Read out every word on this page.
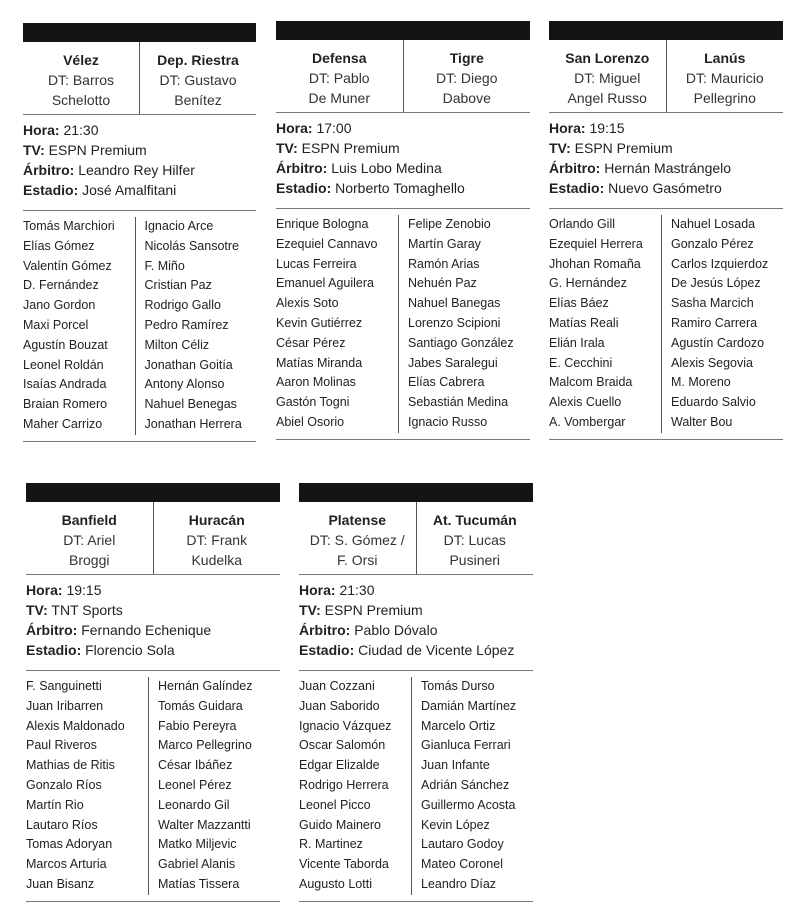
Vélez
DT: Barros
Schelotto
Dep. Riestra
DT: Gustavo
Benítez
Hora: 21:30
TV: ESPN Premium
Árbitro: Leandro Rey Hilfer
Estadio: José Amalfitani
Tomás Marchiori
Elías Gómez
Valentín Gómez
D. Fernández
Jano Gordon
Maxi Porcel
Agustín Bouzat
Leonel Roldán
Isaías Andrada
Braian Romero
Maher Carrizo
Ignacio Arce
Nicolás Sansotre
F. Miño
Cristian Paz
Rodrigo Gallo
Pedro Ramírez
Milton Céliz
Jonathan Goitía
Antony Alonso
Nahuel Benegas
Jonathan Herrera
Defensa
DT: Pablo
De Muner
Tigre
DT: Diego
Dabove
Hora: 17:00
TV: ESPN Premium
Árbitro: Luis Lobo Medina
Estadio: Norberto Tomaghello
Enrique Bologna
Ezequiel Cannavo
Lucas Ferreira
Emanuel Aguilera
Alexis Soto
Kevin Gutiérrez
César Pérez
Matías Miranda
Aaron Molinas
Gastón Togni
Abiel Osorio
Felipe Zenobio
Martín Garay
Ramón Arias
Nehuén Paz
Nahuel Banegas
Lorenzo Scipioni
Santiago González
Jabes Saralegui
Elías Cabrera
Sebastián Medina
Ignacio Russo
San Lorenzo
DT: Miguel
Angel Russo
Lanús
DT: Mauricio
Pellegrino
Hora: 19:15
TV: ESPN Premium
Árbitro: Hernán Mastrángelo
Estadio: Nuevo Gasómetro
Orlando Gill
Ezequiel Herrera
Jhohan Romaña
G. Hernández
Elías Báez
Matías Reali
Elián Irala
E. Cecchini
Malcom Braida
Alexis Cuello
A. Vombergar
Nahuel Losada
Gonzalo Pérez
Carlos Izquierdoz
De Jesús López
Sasha Marcich
Ramiro Carrera
Agustín Cardozo
Alexis Segovia
M. Moreno
Eduardo Salvio
Walter Bou
Banfield
DT: Ariel
Broggi
Huracán
DT: Frank
Kudelka
Hora: 19:15
TV: TNT Sports
Árbitro: Fernando Echenique
Estadio: Florencio Sola
F. Sanguinetti
Juan Iribarren
Alexis Maldonado
Paul Riveros
Mathias de Ritis
Gonzalo Ríos
Martín Rio
Lautaro Ríos
Tomas Adoryan
Marcos Arturia
Juan Bisanz
Hernán Galíndez
Tomás Guidara
Fabio Pereyra
Marco Pellegrino
César Ibáñez
Leonel Pérez
Leonardo Gil
Walter Mazzantti
Matko Miljevic
Gabriel Alanis
Matías Tissera
Platense
DT: S. Gómez /
F. Orsi
At. Tucumán
DT: Lucas
Pusineri
Hora: 21:30
TV: ESPN Premium
Árbitro: Pablo Dóvalo
Estadio: Ciudad de Vicente López
Juan Cozzani
Juan Saborido
Ignacio Vázquez
Oscar Salomón
Edgar Elizalde
Rodrigo Herrera
Leonel Picco
Guido Mainero
R. Martinez
Vicente Taborda
Augusto Lotti
Tomás Durso
Damián Martínez
Marcelo Ortiz
Gianluca Ferrari
Juan Infante
Adrián Sánchez
Guillermo Acosta
Kevin López
Lautaro Godoy
Mateo Coronel
Leandro Díaz
